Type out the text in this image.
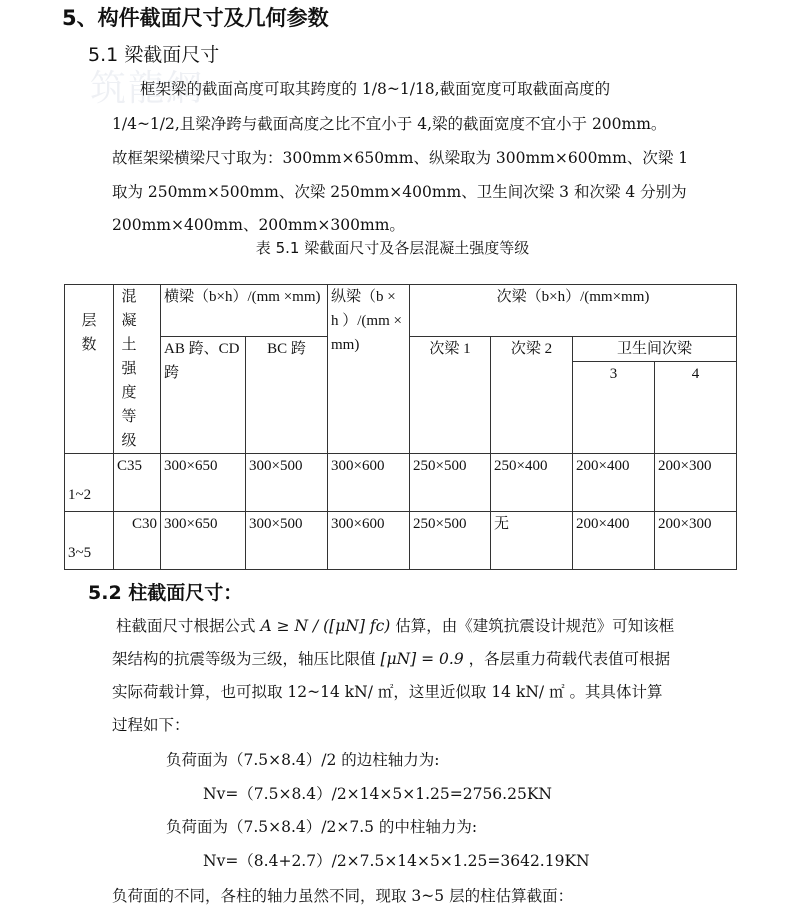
筑龍網
5、构件截面尺寸及几何参数
5.1 梁截面尺寸
框架梁的截面高度可取其跨度的 1/8~1/18,截面宽度可取截面高度的
1/4~1/2,且梁净跨与截面高度之比不宜小于 4,梁的截面宽度不宜小于 200mm。
故框架梁横梁尺寸取为：300mm×650mm、纵梁取为 300mm×600mm、次梁 1
取为 250mm×500mm、次梁 250mm×400mm、卫生间次梁 3 和次梁 4 分别为
200mm×400mm、200mm×300mm。
表 5.1 梁截面尺寸及各层混凝土强度等级
层数	混凝土强度等级	横梁（b×h）/(mm ×mm)		纵梁（b × h ）/(mm × mm)	次梁（b×h）/(mm×mm)			
		AB 跨、CD 跨	BC 跨		次梁 1	次梁 2	卫生间次梁	
							3	4
1~2	C35	300×650	300×500	300×600	250×500	250×400	200×400	200×300
3~5	C30	300×650	300×500	300×600	250×500	无	200×400	200×300
5.2 柱截面尺寸：
柱截面尺寸根据公式 A ≥ N / ([μN] fc) 估算，由《建筑抗震设计规范》可知该框
架结构的抗震等级为三级，轴压比限值 [μN] = 0.9 ，各层重力荷载代表值可根据
实际荷载计算，也可拟取 12~14 kN/ ㎡，这里近似取 14 kN/ ㎡ 。其具体计算
过程如下：
负荷面为（7.5×8.4）/2 的边柱轴力为:
Nv=（7.5×8.4）/2×14×5×1.25=2756.25KN
负荷面为（7.5×8.4）/2×7.5 的中柱轴力为:
Nv=（8.4+2.7）/2×7.5×14×5×1.25=3642.19KN
负荷面的不同，各柱的轴力虽然不同，现取 3~5 层的柱估算截面：
